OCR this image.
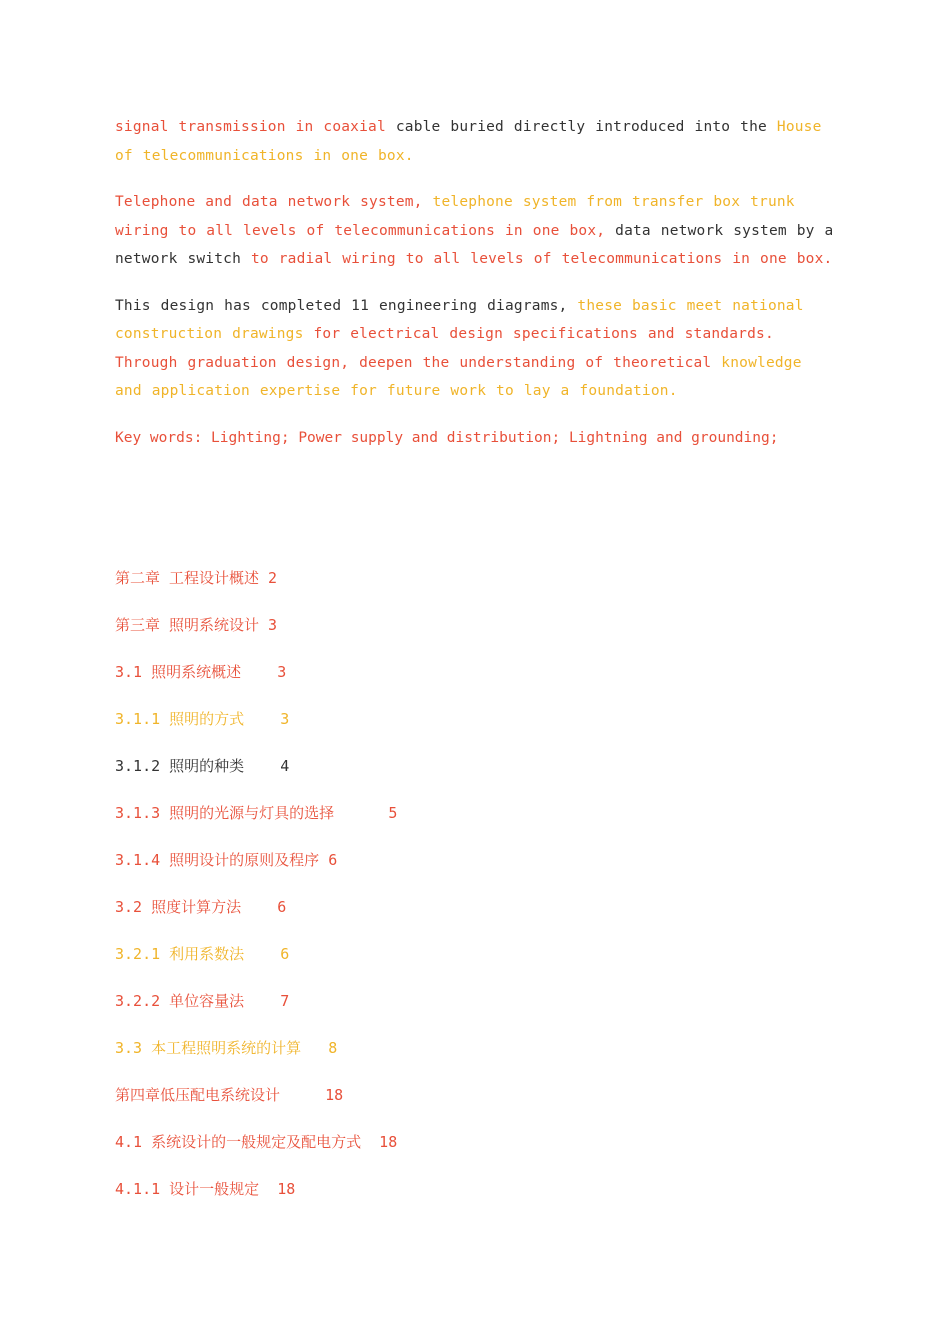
signal transmission in coaxial cable buried directly introduced into the House of telecommunications in one box.

Telephone and data network system, telephone system from transfer box trunk wiring to all levels of telecommunications in one box, data network system by a network switch to radial wiring to all levels of telecommunications in one box.

This design has completed 11 engineering diagrams, these basic meet national construction drawings for electrical design specifications and standards. Through graduation design, deepen the understanding of theoretical knowledge and application expertise for future work to lay a foundation.

Key words: Lighting; Power supply and distribution; Lightning and grounding;

第二章 工程设计概述 2
第三章 照明系统设计 3
3.1 照明系统概述    3
3.1.1 照明的方式    3
3.1.2 照明的种类    4
3.1.3 照明的光源与灯具的选择      5
3.1.4 照明设计的原则及程序 6
3.2 照度计算方法    6
3.2.1 利用系数法    6
3.2.2 单位容量法    7
3.3 本工程照明系统的计算   8
第四章低压配电系统设计     18
4.1 系统设计的一般规定及配电方式  18
4.1.1 设计一般规定  18
